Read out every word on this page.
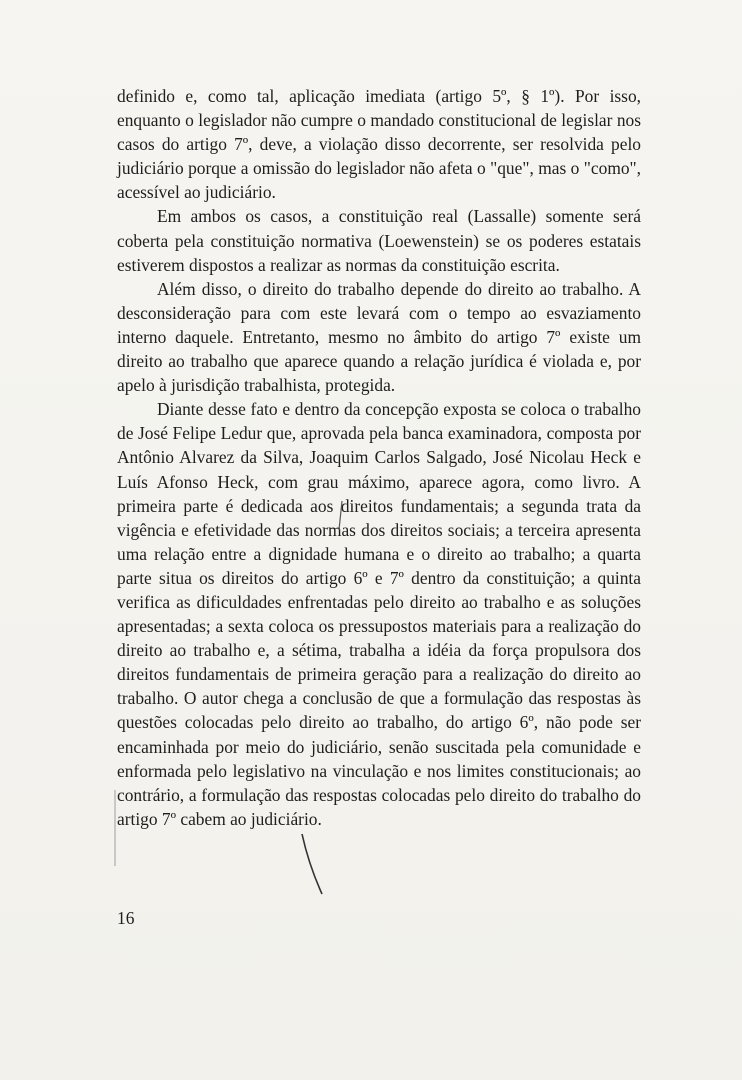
definido e, como tal, aplicação imediata (artigo 5º, § 1º). Por isso, enquanto o legislador não cumpre o mandado constitucional de legislar nos casos do artigo 7º, deve, a violação disso decorrente, ser resolvida pelo judiciário porque a omissão do legislador não afeta o "que", mas o "como", acessível ao judiciário.

Em ambos os casos, a constituição real (Lassalle) somente será coberta pela constituição normativa (Loewenstein) se os poderes estatais estiverem dispostos a realizar as normas da constituição escrita.

Além disso, o direito do trabalho depende do direito ao trabalho. A desconsideração para com este levará com o tempo ao esvaziamento interno daquele. Entretanto, mesmo no âmbito do artigo 7º existe um direito ao trabalho que aparece quando a relação jurídica é violada e, por apelo à jurisdição trabalhista, protegida.

Diante desse fato e dentro da concepção exposta se coloca o trabalho de José Felipe Ledur que, aprovada pela banca examinadora, composta por Antônio Alvarez da Silva, Joaquim Carlos Salgado, José Nicolau Heck e Luís Afonso Heck, com grau máximo, aparece agora, como livro. A primeira parte é dedicada aos direitos fundamentais; a segunda trata da vigência e efetividade das normas dos direitos sociais; a terceira apresenta uma relação entre a dignidade humana e o direito ao trabalho; a quarta parte situa os direitos do artigo 6º e 7º dentro da constituição; a quinta verifica as dificuldades enfrentadas pelo direito ao trabalho e as soluções apresentadas; a sexta coloca os pressupostos materiais para a realização do direito ao trabalho e, a sétima, trabalha a idéia da força propulsora dos direitos fundamentais de primeira geração para a realização do direito ao trabalho. O autor chega a conclusão de que a formulação das respostas às questões colocadas pelo direito ao trabalho, do artigo 6º, não pode ser encaminhada por meio do judiciário, senão suscitada pela comunidade e enformada pelo legislativo na vinculação e nos limites constitucionais; ao contrário, a formulação das respostas colocadas pelo direito do trabalho do artigo 7º cabem ao judiciário.

16
